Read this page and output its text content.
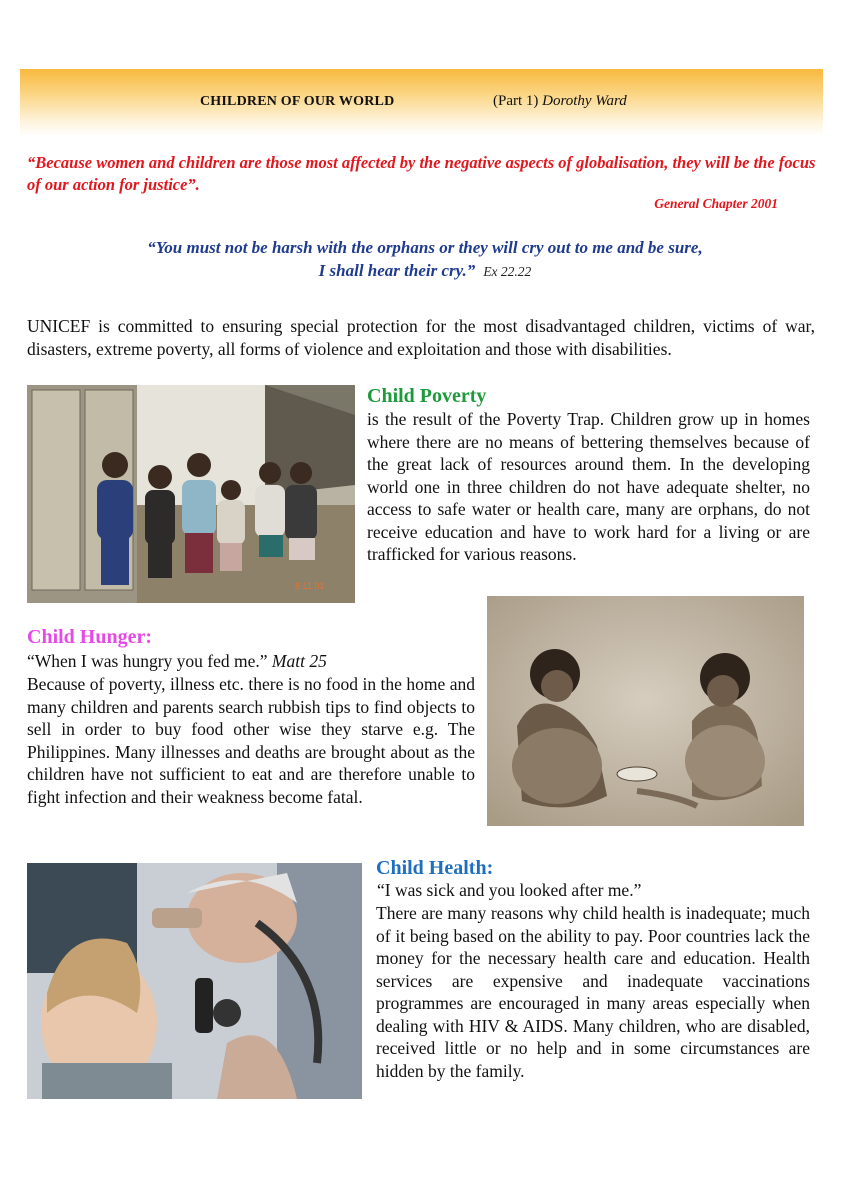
CHILDREN OF OUR WORLD	(Part 1) Dorothy Ward
“Because women and children are those most affected by the negative aspects of globalisation, they will be the focus of our action for justice”.
General Chapter 2001
“You must not be harsh with the orphans or they will cry out to me and be sure,
I shall hear their cry.” Ex 22.22
UNICEF is committed to ensuring special protection for the most disadvantaged children, victims of war, disasters, extreme poverty, all forms of violence and exploitation and those with disabilities.
8 11 01
Child Poverty
is the result of the Poverty Trap. Children grow up in homes where there are no means of bettering themselves because of the great lack of resources around them. In the developing world one in three children do not have adequate shelter, no access to safe water or health care, many are orphans, do not receive education and have to work hard for a living or are trafficked for various reasons.
Child Hunger:
“When I was hungry you fed me.” Matt 25
Because of poverty, illness etc. there is no food in the home and many children and parents search rubbish tips to find objects to sell in order to buy food other wise they starve e.g. The Philippines. Many illnesses and deaths are brought about as the children have not sufficient to eat and are therefore unable to fight infection and their weakness become fatal.
Child Health:
“I was sick and you looked after me.”
There are many reasons why child health is inadequate; much of it being based on the ability to pay. Poor countries lack the money for the necessary health care and education. Health services are expensive and inadequate vaccinations programmes are encouraged in many areas especially when dealing with HIV & AIDS. Many children, who are disabled, received little or no help and in some circumstances are hidden by the family.
